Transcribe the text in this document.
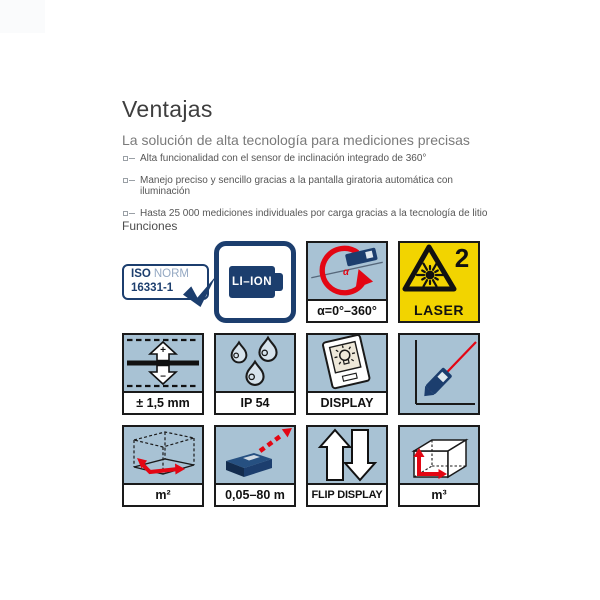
Ventajas
La solución de alta tecnología para mediciones precisas
Alta funcionalidad con el sensor de inclinación integrado de 360°
Manejo preciso y sencillo gracias a la pantalla giratoria automática con iluminación
Hasta 25 000 mediciones individuales por carga gracias a la tecnología de litio
Funciones
ISO NORM
16331-1	LI–ION
α
α=0°–360°
2
LASER
+
−
± 1,5 mm	IP 54	DISPLAY
m²	0,05–80 m	FLIP DISPLAY	m³
